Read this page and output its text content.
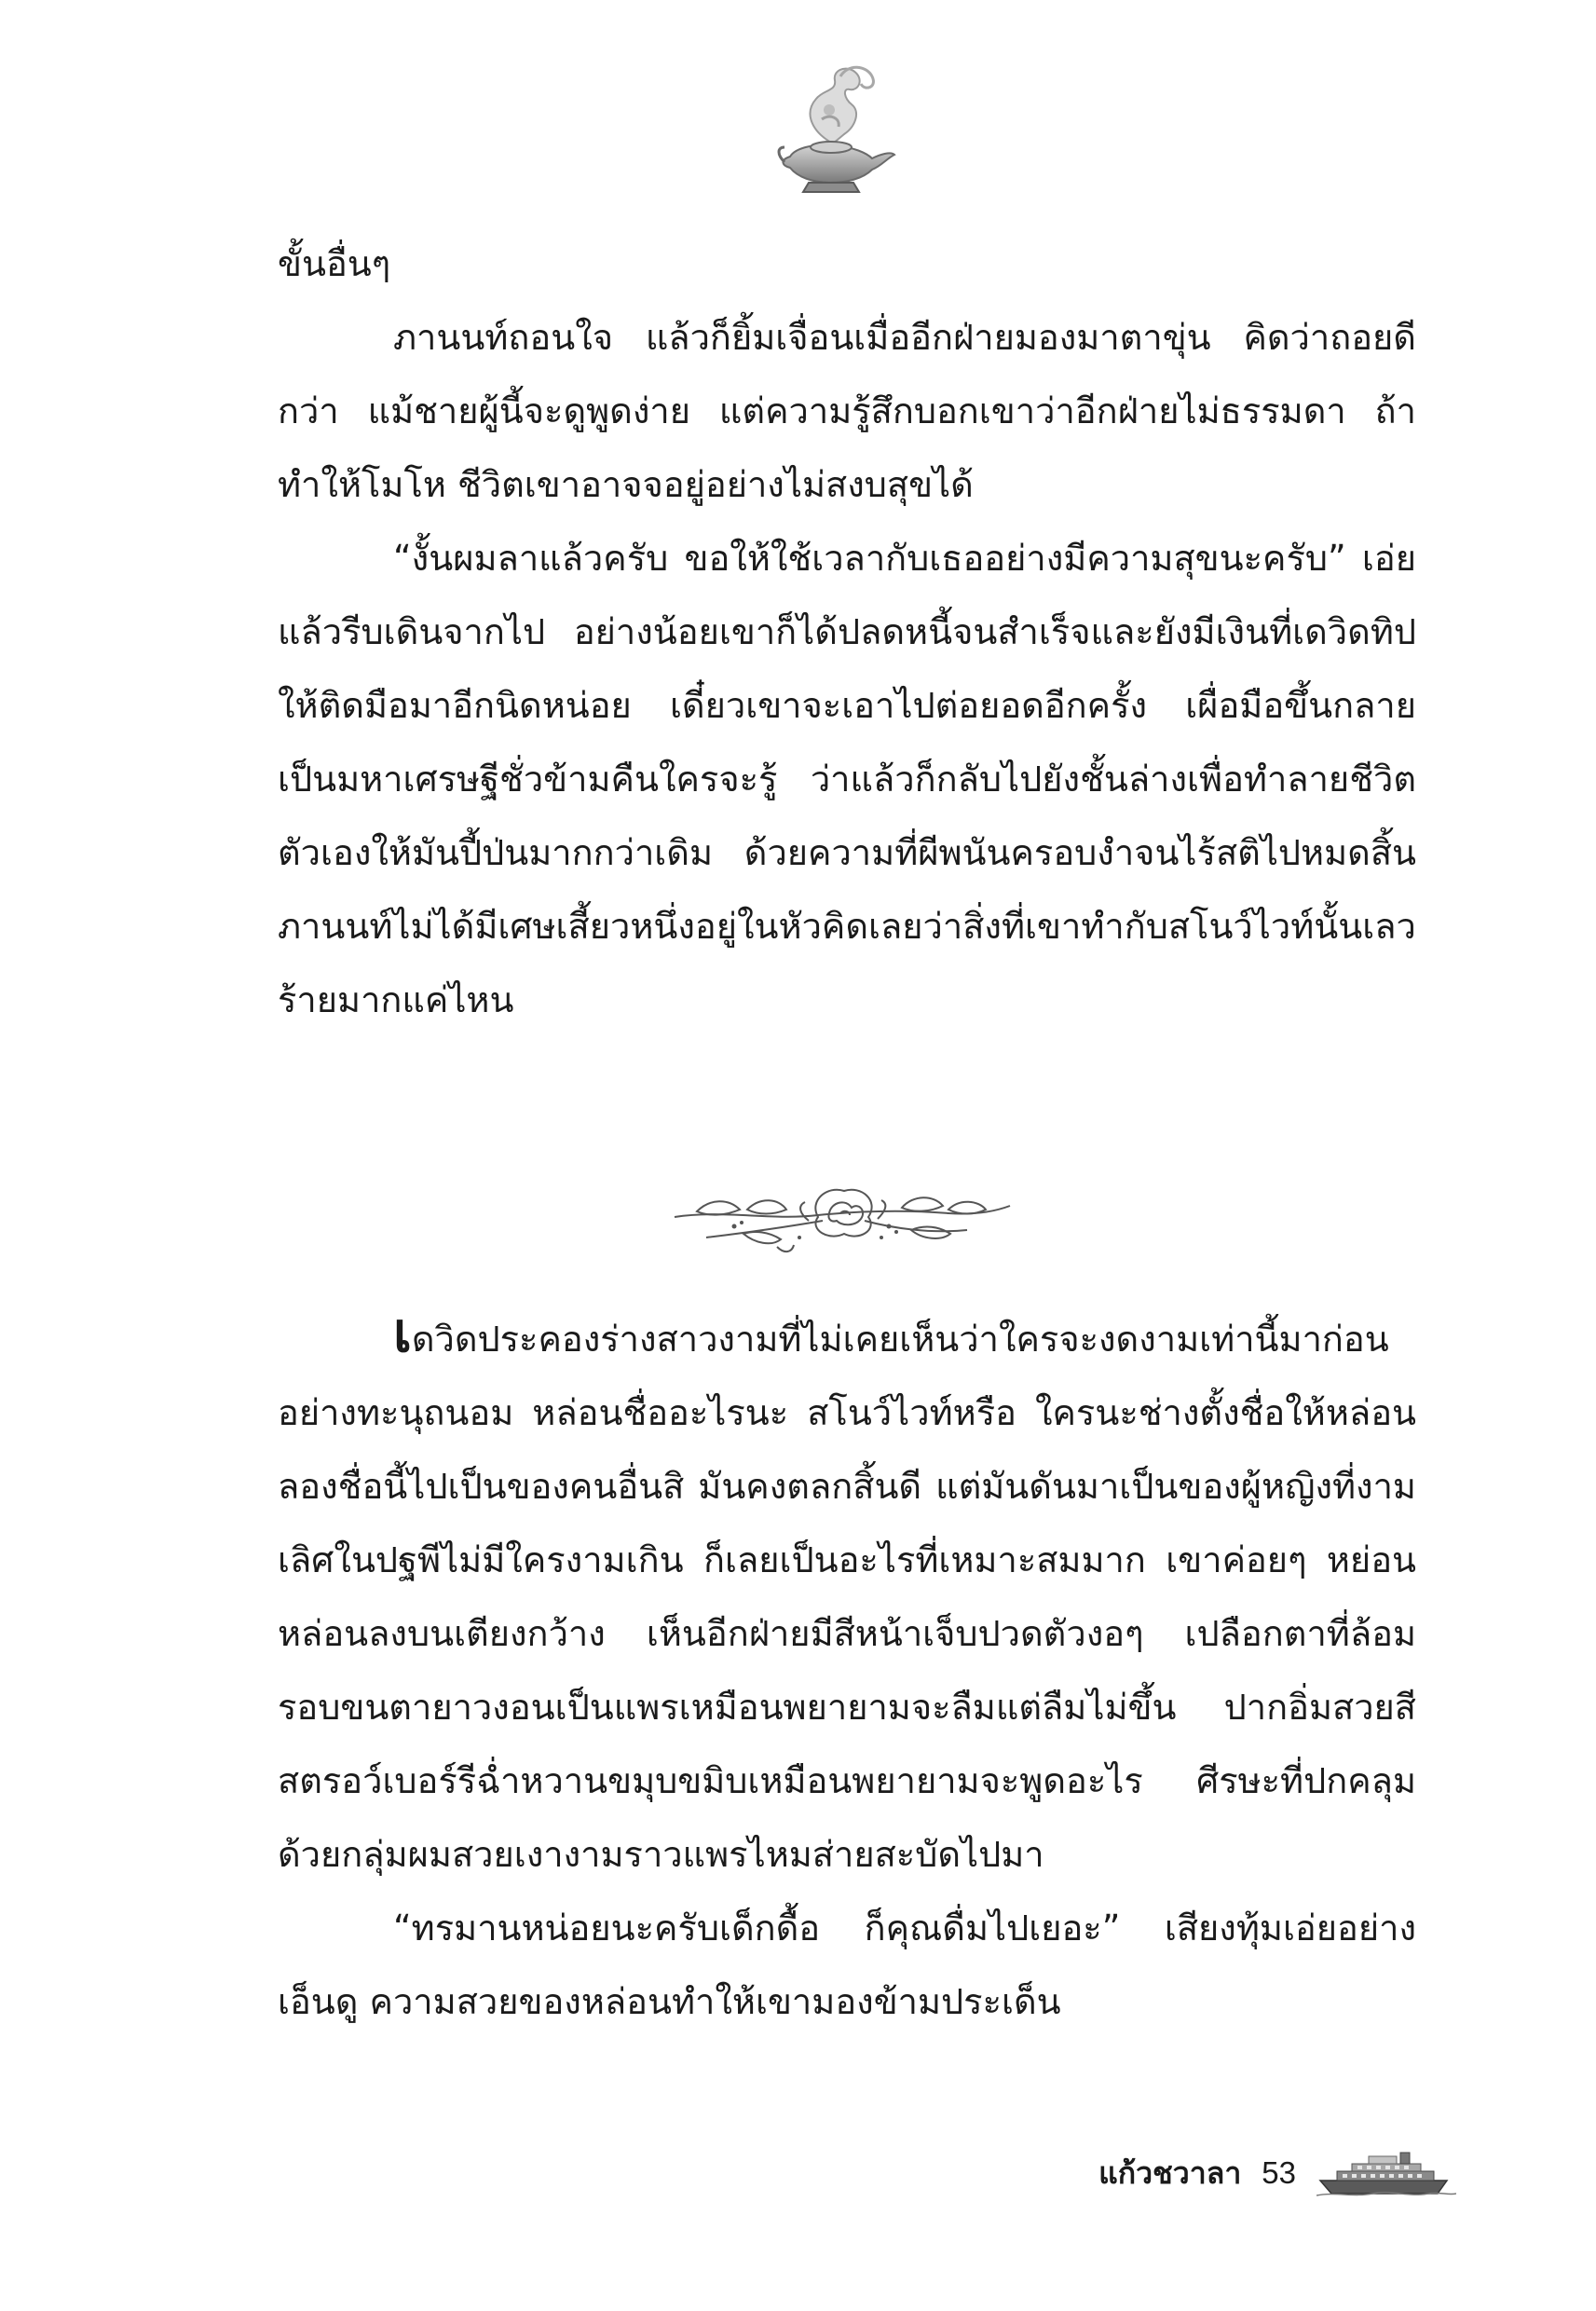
ขั้นอื่นๆ

ภานนท์ถอนใจ แล้วก็ยิ้มเจื่อนเมื่ออีกฝ่ายมองมาตาขุ่น คิดว่าถอยดีกว่า แม้ชายผู้นี้จะดูพูดง่าย แต่ความรู้สึกบอกเขาว่าอีกฝ่ายไม่ธรรมดา ถ้าทำให้โมโห ชีวิตเขาอาจจอยู่อย่างไม่สงบสุขได้

“งั้นผมลาแล้วครับ ขอให้ใช้เวลากับเธออย่างมีความสุขนะครับ” เอ่ยแล้วรีบเดินจากไป อย่างน้อยเขาก็ได้ปลดหนี้จนสำเร็จและยังมีเงินที่เดวิดทิปให้ติดมือมาอีกนิดหน่อย เดี๋ยวเขาจะเอาไปต่อยอดอีกครั้ง เผื่อมือขึ้นกลายเป็นมหาเศรษฐีชั่วข้ามคืนใครจะรู้ ว่าแล้วก็กลับไปยังชั้นล่างเพื่อทำลายชีวิตตัวเองให้มันปี้ป่นมากกว่าเดิม ด้วยความที่ผีพนันครอบงำจนไร้สติไปหมดสิ้น ภานนท์ไม่ได้มีเศษเสี้ยวหนึ่งอยู่ในหัวคิดเลยว่าสิ่งที่เขาทำกับสโนว์ไวท์นั้นเลวร้ายมากแค่ไหน

เดวิดประคองร่างสาวงามที่ไม่เคยเห็นว่าใครจะงดงามเท่านี้มาก่อนอย่างทะนุถนอม หล่อนชื่ออะไรนะ สโนว์ไวท์หรือ ใครนะช่างตั้งชื่อให้หล่อน ลองชื่อนี้ไปเป็นของคนอื่นสิ มันคงตลกสิ้นดี แต่มันดันมาเป็นของผู้หญิงที่งามเลิศในปฐพีไม่มีใครงามเกิน ก็เลยเป็นอะไรที่เหมาะสมมาก เขาค่อยๆ หย่อนหล่อนลงบนเตียงกว้าง เห็นอีกฝ่ายมีสีหน้าเจ็บปวดตัวงอๆ เปลือกตาที่ล้อมรอบขนตายาวงอนเป็นแพรเหมือนพยายามจะลืมแต่ลืมไม่ขึ้น ปากอิ่มสวยสีสตรอว์เบอร์รีฉ่ำหวานขมุบขมิบเหมือนพยายามจะพูดอะไร ศีรษะที่ปกคลุมด้วยกลุ่มผมสวยเงางามราวแพรไหมส่ายสะบัดไปมา

“ทรมานหน่อยนะครับเด็กดื้อ ก็คุณดื่มไปเยอะ” เสียงทุ้มเอ่ยอย่างเอ็นดู ความสวยของหล่อนทำให้เขามองข้ามประเด็น

แก้วชวาลา 53
